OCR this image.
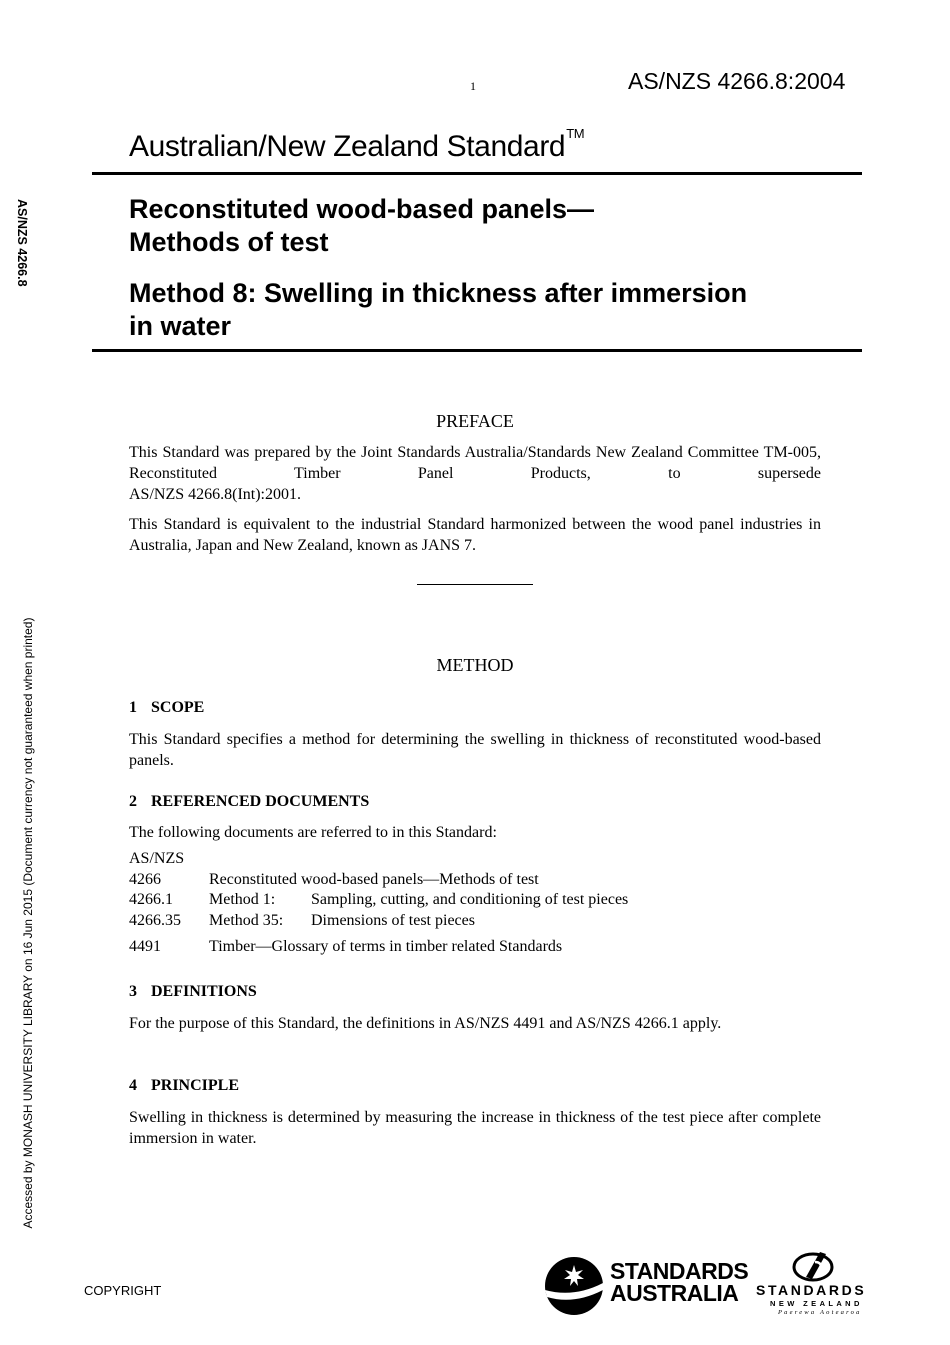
1	AS/NZS 4266.8:2004
Australian/New Zealand Standard™
Reconstituted wood-based panels—
Methods of test
Method 8: Swelling in thickness after immersion
in water
PREFACE
This Standard was prepared by the Joint Standards Australia/Standards New Zealand Committee TM-005, Reconstituted Timber Panel Products, to supersede
AS/NZS 4266.8(Int):2001.
This Standard is equivalent to the industrial Standard harmonized between the wood panel industries in Australia, Japan and New Zealand, known as JANS 7.
METHOD
1 SCOPE
This Standard specifies a method for determining the swelling in thickness of reconstituted wood-based panels.
2 REFERENCED DOCUMENTS
The following documents are referred to in this Standard:
AS/NZS
4266	Reconstituted wood-based panels—Methods of test
4266.1	Method 1:	Sampling, cutting, and conditioning of test pieces
4266.35	Method 35:	Dimensions of test pieces
4491	Timber—Glossary of terms in timber related Standards
3 DEFINITIONS
For the purpose of this Standard, the definitions in AS/NZS 4491 and AS/NZS 4266.1 apply.
4 PRINCIPLE
Swelling in thickness is determined by measuring the increase in thickness of the test piece after complete immersion in water.
AS/NZS 4266.8
Accessed by MONASH UNIVERSITY LIBRARY on 16 Jun 2015 (Document currency not guaranteed when printed)
COPYRIGHT
STANDARDS
AUSTRALIA	STANDARDS
NEW ZEALAND
Paerewa Aotearoa
